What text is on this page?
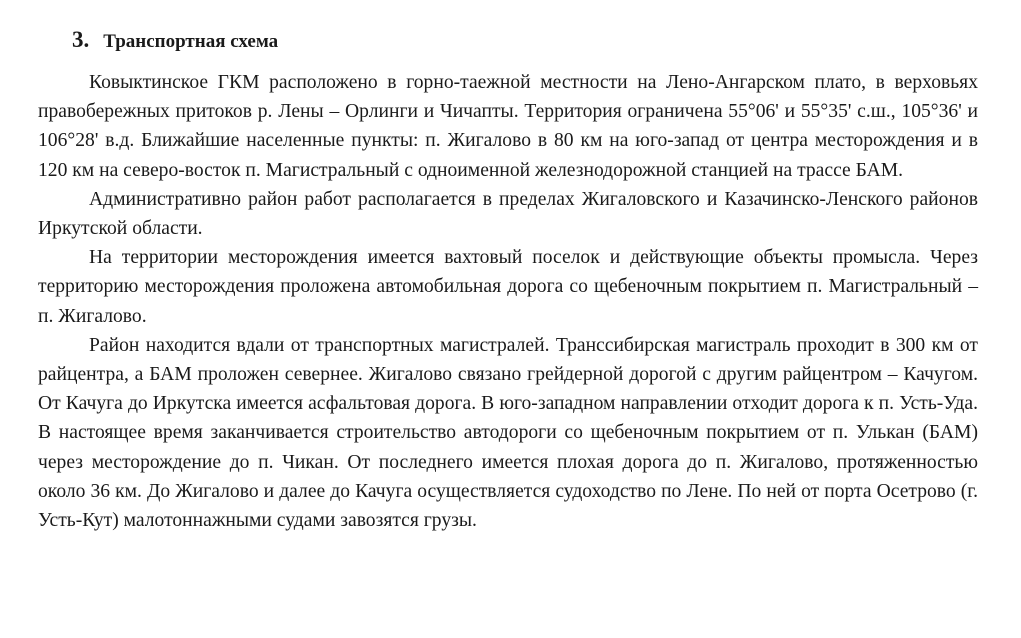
3. Транспортная схема

Ковыктинское ГКМ расположено в горно-таежной местности на Лено-Ангарском плато, в верховьях правобережных притоков р. Лены – Орлинги и Чичапты. Территория ограничена 55°06' и 55°35' с.ш., 105°36' и 106°28' в.д. Ближайшие населенные пункты: п. Жигалово в 80 км на юго-запад от центра месторождения и в 120 км на северо-восток п. Магистральный с одноименной железнодорожной станцией на трассе БАМ.

Административно район работ располагается в пределах Жигаловского и Казачинско-Ленского районов Иркутской области.

На территории месторождения имеется вахтовый поселок и действующие объекты промысла. Через территорию месторождения проложена автомобильная дорога со щебеночным покрытием п. Магистральный – п. Жигалово.

Район находится вдали от транспортных магистралей. Транссибирская магистраль проходит в 300 км от райцентра, а БАМ проложен севернее. Жигалово связано грейдерной дорогой с другим райцентром – Качугом. От Качуга до Иркутска имеется асфальтовая дорога. В юго-западном направлении отходит дорога к п. Усть-Уда. В настоящее время заканчивается строительство автодороги со щебеночным покрытием от п. Улькан (БАМ) через месторождение до п. Чикан. От последнего имеется плохая дорога до п. Жигалово, протяженностью около 36 км. До Жигалово и далее до Качуга осуществляется судоходство по Лене. По ней от порта Осетрово (г. Усть-Кут) малотоннажными судами завозятся грузы.
